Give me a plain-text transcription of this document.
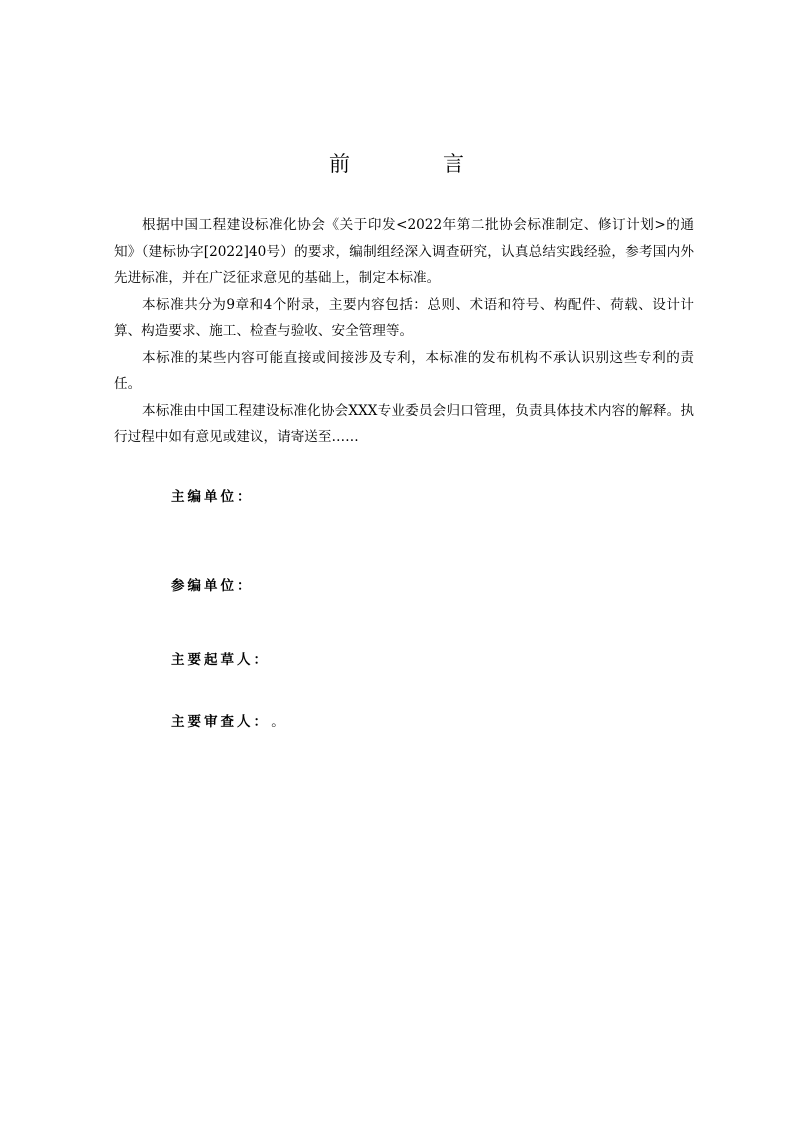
前　言

根据中国工程建设标准化协会《关于印发<2022年第二批协会标准制定、修订计划>的通知》（建标协字[2022]40号）的要求，编制组经深入调查研究，认真总结实践经验，参考国内外先进标准，并在广泛征求意见的基础上，制定本标准。

本标准共分为9章和4个附录，主要内容包括：总则、术语和符号、构配件、荷载、设计计算、构造要求、施工、检查与验收、安全管理等。

本标准的某些内容可能直接或间接涉及专利，本标准的发布机构不承认识别这些专利的责任。

本标准由中国工程建设标准化协会XXX专业委员会归口管理，负责具体技术内容的解释。执行过程中如有意见或建议，请寄送至……

主编单位：
参编单位：
主要起草人：
主要审查人： 。
